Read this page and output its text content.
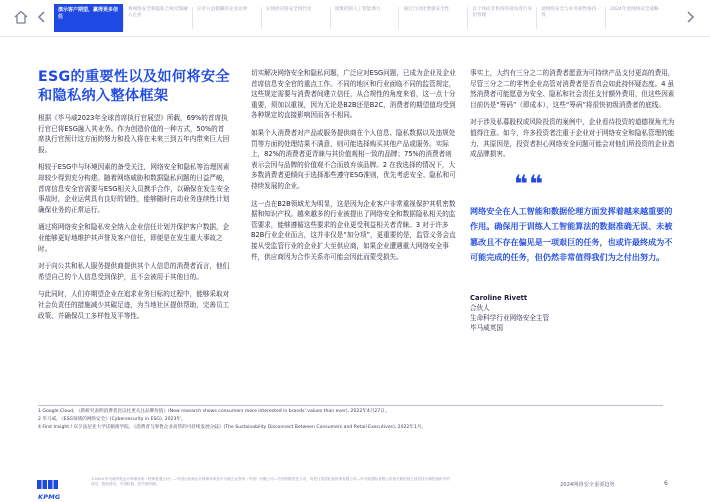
演示客户期望，赢得更多信任
将网络安全和隐私合规无缝融入企业
应对日益模糊的企业边界	实现供应链安全现代化	谨慎控制人工智能潜力	通过自动化增强安全性	以个体而非机构的视角进行身份管理
使网络安全与业务韧性保持一致
2024年度网络安全战略
ESG的重要性以及如何将安全和隐私纳入整体框架

根据《毕马威2023年全球首席执行官展望》所载，69%的首席执行官已将ESG融入其业务。作为创造价值的一种方式，50%的首席执行官预计这方面的努力和投入将在未来三到五年内带来巨大回报。

相较于ESG中与环境因素的备受关注，网络安全和隐私等治理因素却较少得到充分构建。随着网络威胁和数据隐私问题的日益严峻，首席信息安全官需要与ESG相关人员携手合作，以确保在发生安全事故时，企业运营具有良好的韧性，能够随时自动业务连续性计划确保业务的正常运行。

通过将网络安全和隐私安全纳入企业信任计划并保护客户数据，企业能够更好地维护其声誉及客户信任，即便是在发生重大事故之时。

对于向公共和私人服务提供商提供其个人信息的消费者而言，他们希望自己的个人信息受到保护，且不会被用于其他目的。

与此同时，人们亦期望企业在追求业务目标的过程中，能够采取对社会负责任的措施减少其碳足迹，为当地社区提供帮助，完善员工政策、并确保员工多样性及平等性。

切实解决网络安全和隐私问题，广泛应对ESG问题，已成为企业及企业首席信息安全官的重点工作。不同的地区和行业面临不同的监管规定，这些规定需要与消费者间建立信任，从合规性的角度来看，这一点十分重要，须加以重视，因为无论是B2B还是B2C，消费者的期望值均受到各种规定的直接影响因而各不相同。

如果个人消费者对产品或服务提供商在个人信息、隐私数据以及违规处罚等方面的处理结果不满意，则可能选择购买其他产品或服务。实际上，82%的消费者更青睐与其价值观相一致的品牌；75%的消费者则表示会因与品牌的价值观不合而放弃该品牌。2 在我选择的情况下，大多数消费者更倾向于选择那些遵守ESG准则，优先考虑安全、隐私和可持续发展的企业。

这一点在B2B领域尤为明显，这是因为企业客户非常重视保护其机密数据和知识产权。越来越多的行业被提出了网络安全和数据隐私相关的监管要求，能够遵循这些要求的企业更受利益相关者青睐。3 对于许多B2B行业企业而言，这并非仅是“加分项”，更重要的是，监管义务会直接从受监管行业的企业扩大至供应商，如果企业遭遇重大网络安全事件，供应商因为合作关系亦可能会因此而蒙受损失。

事实上，大约有三分之二的消费者愿意为可持续产品支付更高的费用，尽管三分之二的零售企业高管对消费者是否真会如此持怀疑态度。4 虽然消费者可能愿意为安全、隐私和社会责任支付额外费用，但这些因素目前仍是“筹码”（即成本），这些“筹码”将很快初级消费者的底线。

对于涉及私募股权或风险投资的案例中，企业看待投资的道德视角尤为值得注意。如今，许多投资者注重于企业对于网络安全和隐私管理的能力，其原因是，投资者担心网络安全问题可能会对他们所投资的企业造成品牌损害。

❝❝
网络安全在人工智能和数据伦理方面发挥着越来越重要的作用。确保用于训练人工智能算法的数据准确无误、未被篡改且不存在偏见是一项艰巨的任务，也或许最终成为不可能完成的任务，但仍然非常值得我们为之付出努力。
Caroline Rivett
合伙人
生命科学行业网络安全主管
毕马威英国
1 Google Cloud, 《新研究表明消费者比以往更关注品牌价值》(New research shows consumers more interested in brands' values than ever), 2022年4月27日。
2 毕马威, 《ESG领域的网络安全》(Cybersecurity in ESG), 2023年。
4 First Insight / 宾夕法尼亚大学沃顿商学院, 《消费者与零售企业高管的可持续发展分歧》(The Sustainability Disconnect Between Consumers and Retail Executives), 2022年1月。
KPMG
©2024 毕马威华振会计师事务所（特殊普通合伙）—中国合伙制会计师事务所及毕马威企业咨询（中国）有限公司—中国有限责任公司，均是与英国私营担保有限公司—毕马威国际有限公司相关联的独立成员所全球性组织中的成员。版权所有，不得转载。在中国印刷。	2024网络安全重要趋势	6
